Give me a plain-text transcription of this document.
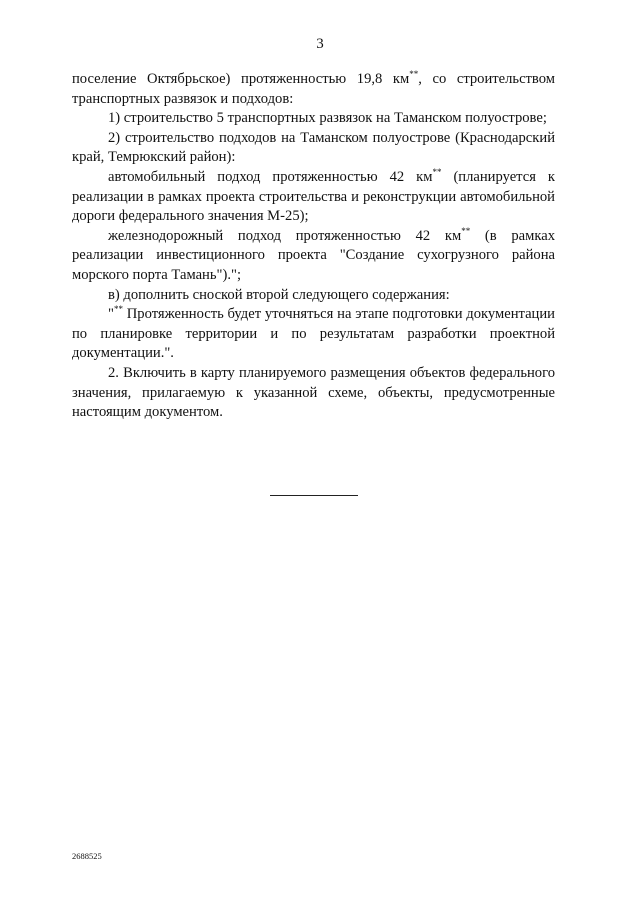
3

поселение Октябрьское) протяженностью 19,8 км**, со строительством транспортных развязок и подходов:

1) строительство 5 транспортных развязок на Таманском полуострове;

2) строительство подходов на Таманском полуострове (Краснодарский край, Темрюкский район):

автомобильный подход протяженностью 42 км** (планируется к реализации в рамках проекта строительства и реконструкции автомобильной дороги федерального значения М-25);

железнодорожный подход протяженностью 42 км** (в рамках реализации инвестиционного проекта "Создание сухогрузного района морского порта Тамань").";

в) дополнить сноской второй следующего содержания:

"** Протяженность будет уточняться на этапе подготовки документации по планировке территории и по результатам разработки проектной документации.".

2. Включить в карту планируемого размещения объектов федерального значения, прилагаемую к указанной схеме, объекты, предусмотренные настоящим документом.

2688525
